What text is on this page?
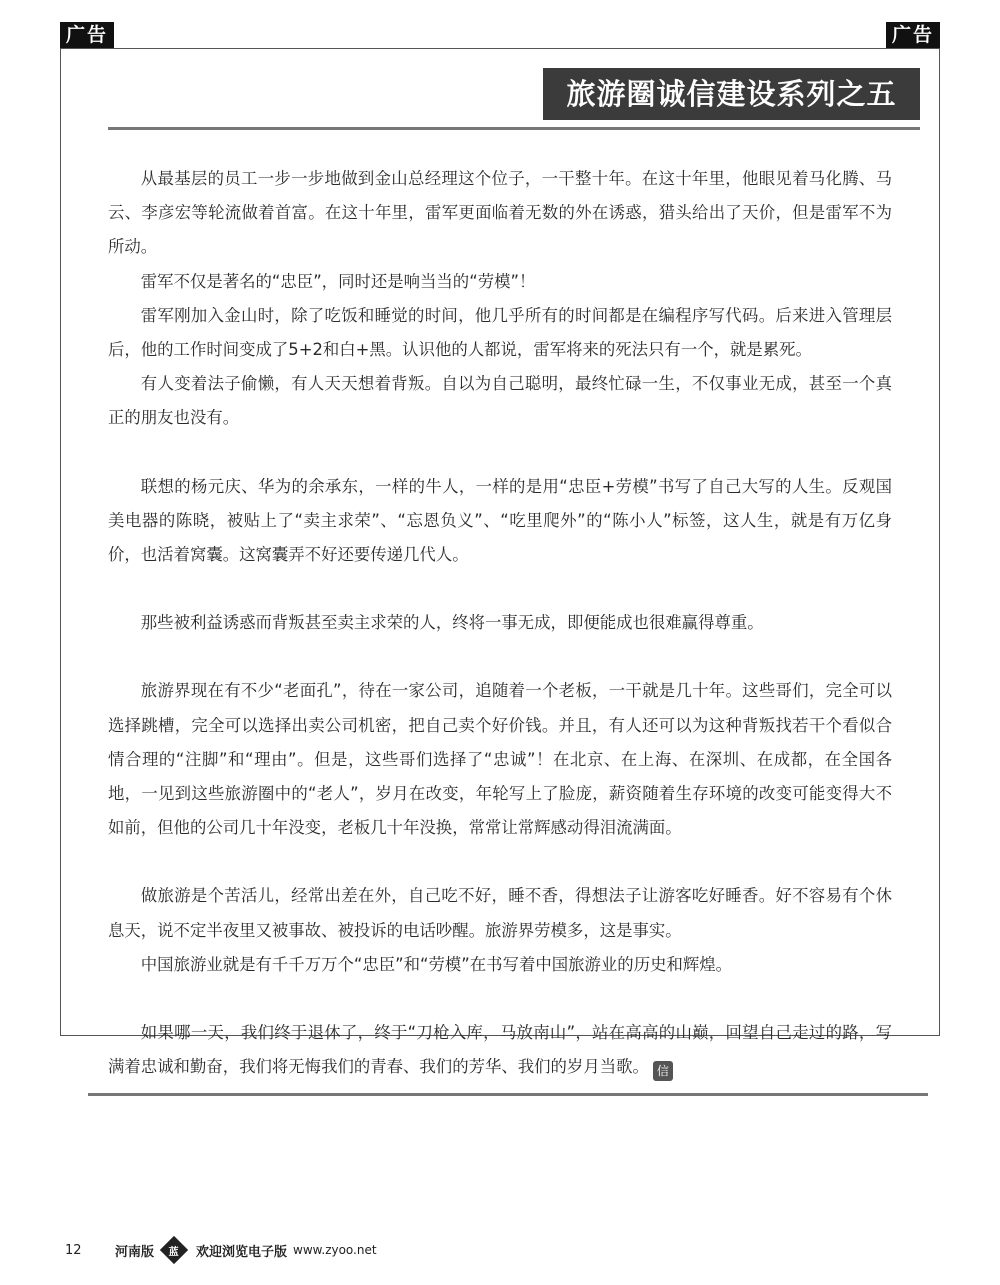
广告	广告
旅游圈诚信建设系列之五

从最基层的员工一步一步地做到金山总经理这个位子，一干整十年。在这十年里，他眼见着马化腾、马云、李彦宏等轮流做着首富。在这十年里，雷军更面临着无数的外在诱惑，猎头给出了天价，但是雷军不为所动。

雷军不仅是著名的“忠臣”，同时还是响当当的“劳模”！

雷军刚加入金山时，除了吃饭和睡觉的时间，他几乎所有的时间都是在编程序写代码。后来进入管理层后，他的工作时间变成了5+2和白+黑。认识他的人都说，雷军将来的死法只有一个，就是累死。

有人变着法子偷懒，有人天天想着背叛。自以为自己聪明，最终忙碌一生，不仅事业无成，甚至一个真正的朋友也没有。

联想的杨元庆、华为的余承东，一样的牛人，一样的是用“忠臣+劳模”书写了自己大写的人生。反观国美电器的陈晓，被贴上了“卖主求荣”、“忘恩负义”、“吃里爬外”的“陈小人”标签，这人生，就是有万亿身价，也活着窝囊。这窝囊弄不好还要传递几代人。

那些被利益诱惑而背叛甚至卖主求荣的人，终将一事无成，即便能成也很难赢得尊重。

旅游界现在有不少“老面孔”，待在一家公司，追随着一个老板，一干就是几十年。这些哥们，完全可以选择跳槽，完全可以选择出卖公司机密，把自己卖个好价钱。并且，有人还可以为这种背叛找若干个看似合情合理的“注脚”和“理由”。但是，这些哥们选择了“忠诚”！在北京、在上海、在深圳、在成都，在全国各地，一见到这些旅游圈中的“老人”，岁月在改变，年轮写上了脸庞，薪资随着生存环境的改变可能变得大不如前，但他的公司几十年没变，老板几十年没换，常常让常辉感动得泪流满面。

做旅游是个苦活儿，经常出差在外，自己吃不好，睡不香，得想法子让游客吃好睡香。好不容易有个休息天，说不定半夜里又被事故、被投诉的电话吵醒。旅游界劳模多，这是事实。

中国旅游业就是有千千万万个“忠臣”和“劳模”在书写着中国旅游业的历史和辉煌。

如果哪一天，我们终于退休了，终于“刀枪入库，马放南山”，站在高高的山巅，回望自己走过的路，写满着忠诚和勤奋，我们将无悔我们的青春、我们的芳华、我们的岁月当歌。 信

12	河南版 蓝 欢迎浏览电子版 www.zyoo.net
